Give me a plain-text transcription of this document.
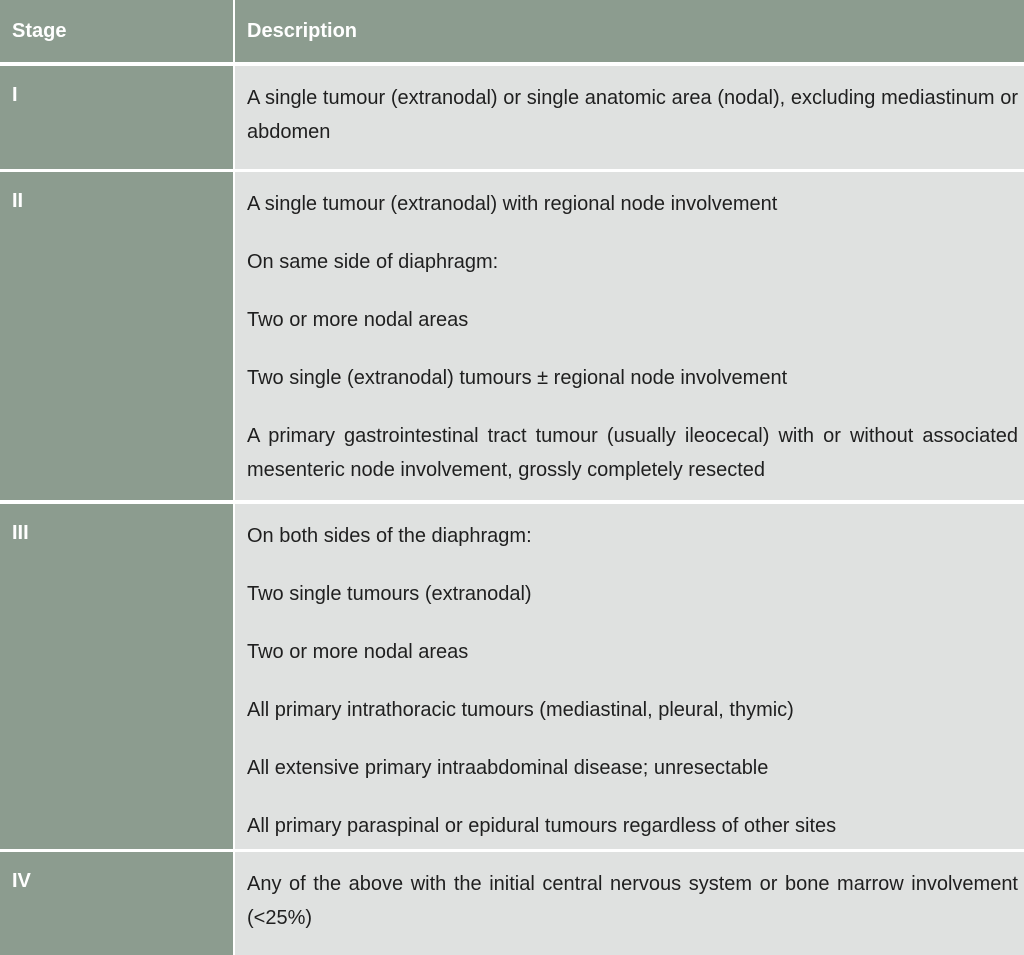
Stage	Description
I	A single tumour (extranodal) or single anatomic area (nodal), excluding mediastinum or abdomen

II	A single tumour (extranodal) with regional node involvement

On same side of diaphragm:

Two or more nodal areas

Two single (extranodal) tumours ± regional node involvement

A primary gastrointestinal tract tumour (usually ileocecal) with or without associated mesenteric node involvement, grossly completely resected

III	On both sides of the diaphragm:

Two single tumours (extranodal)

Two or more nodal areas

All primary intrathoracic tumours (mediastinal, pleural, thymic)

All extensive primary intraabdominal disease; unresectable

All primary paraspinal or epidural tumours regardless of other sites

IV	Any of the above with the initial central nervous system or bone marrow involvement (<25%)
